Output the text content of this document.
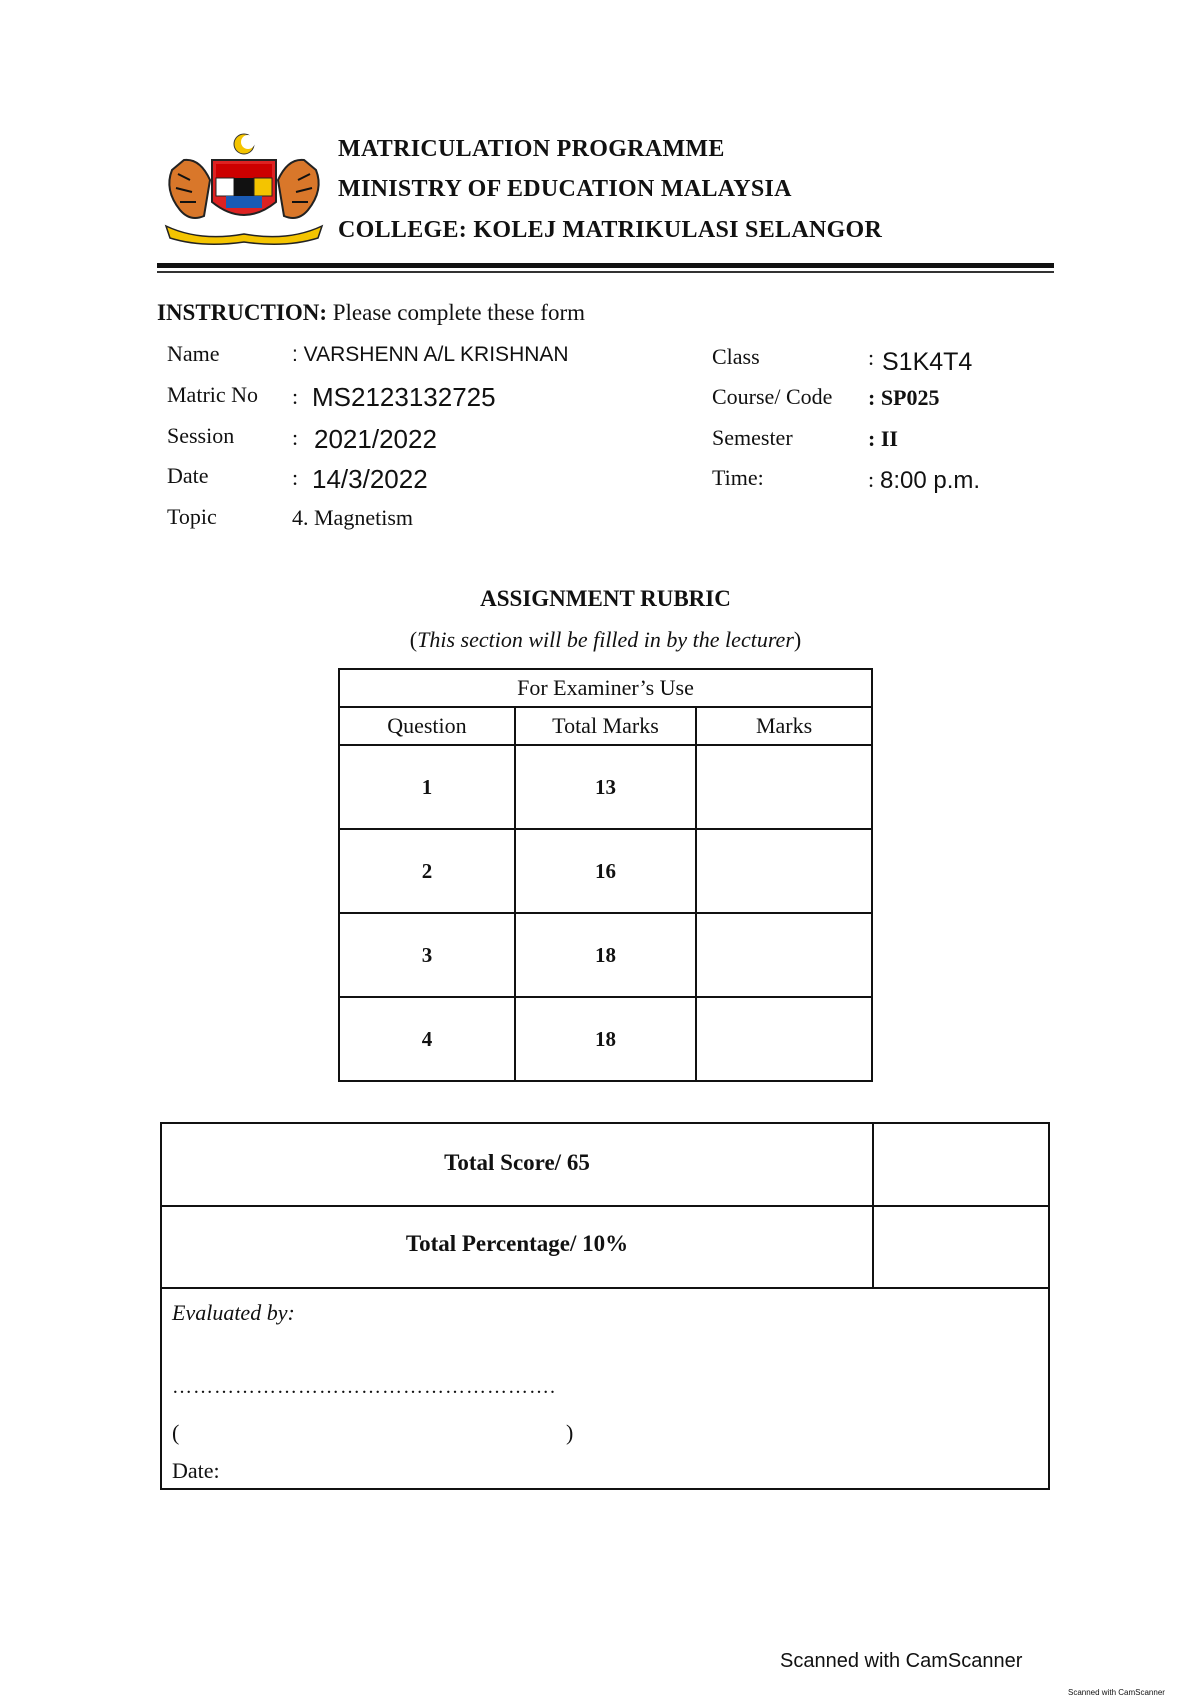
MATRICULATION PROGRAMME
MINISTRY OF EDUCATION MALAYSIA
COLLEGE: KOLEJ MATRIKULASI SELANGOR
INSTRUCTION: Please complete these form
Name	: VARSHENN A/L KRISHNAN
Matric No : MS2123132725
Session	: 2021/2022
Date	: 14/3/2022
Topic	4. Magnetism
Class	: S1K4T4
Course/ Code : SP025
Semester	: II
Time:	: 8:00 p.m.
ASSIGNMENT RUBRIC
(This section will be filled in by the lecturer)
For Examiner’s Use		
Question	Total Marks	Marks
1	13	
2	16	
3	18	
4	18	
Total Score/ 65
Total Percentage/ 10%
Evaluated by:
……………………………………………….
(	)
Date:
Scanned with CamScanner
Scanned with CamScanner
